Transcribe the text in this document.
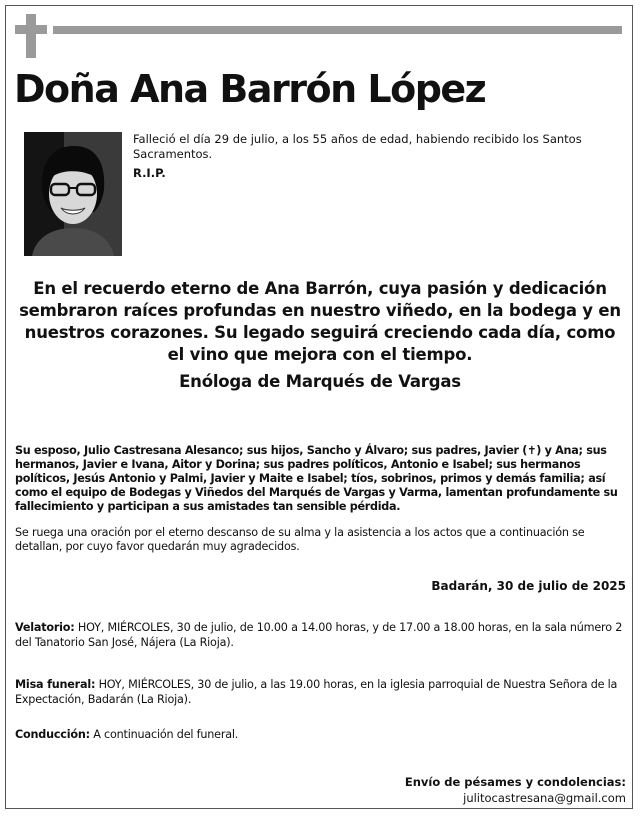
Doña Ana Barrón López

Falleció el día 29 de julio, a los 55 años de edad, habiendo recibido los Santos Sacramentos.

R.I.P.

En el recuerdo eterno de Ana Barrón, cuya pasión y dedicación sembraron raíces profundas en nuestro viñedo, en la bodega y en nuestros corazones. Su legado seguirá creciendo cada día, como el vino que mejora con el tiempo.

Enóloga de Marqués de Vargas

Su esposo, Julio Castresana Alesanco; sus hijos, Sancho y Álvaro; sus padres, Javier (✝) y Ana; sus hermanos, Javier e Ivana, Aitor y Dorina; sus padres políticos, Antonio e Isabel; sus hermanos políticos, Jesús Antonio y Palmi, Javier y Maite e Isabel; tíos, sobrinos, primos y demás familia; así como el equipo de Bodegas y Viñedos del Marqués de Vargas y Varma, lamentan profundamente su fallecimiento y participan a sus amistades tan sensible pérdida.

Se ruega una oración por el eterno descanso de su alma y la asistencia a los actos que a continuación se detallan, por cuyo favor quedarán muy agradecidos.

Badarán, 30 de julio de 2025

Velatorio: HOY, MIÉRCOLES, 30 de julio, de 10.00 a 14.00 horas, y de 17.00 a 18.00 horas, en la sala número 2 del Tanatorio San José, Nájera (La Rioja).

Misa funeral: HOY, MIÉRCOLES, 30 de julio, a las 19.00 horas, en la iglesia parroquial de Nuestra Señora de la Expectación, Badarán (La Rioja).

Conducción: A continuación del funeral.

Envío de pésames y condolencias:

julitocastresana@gmail.com
